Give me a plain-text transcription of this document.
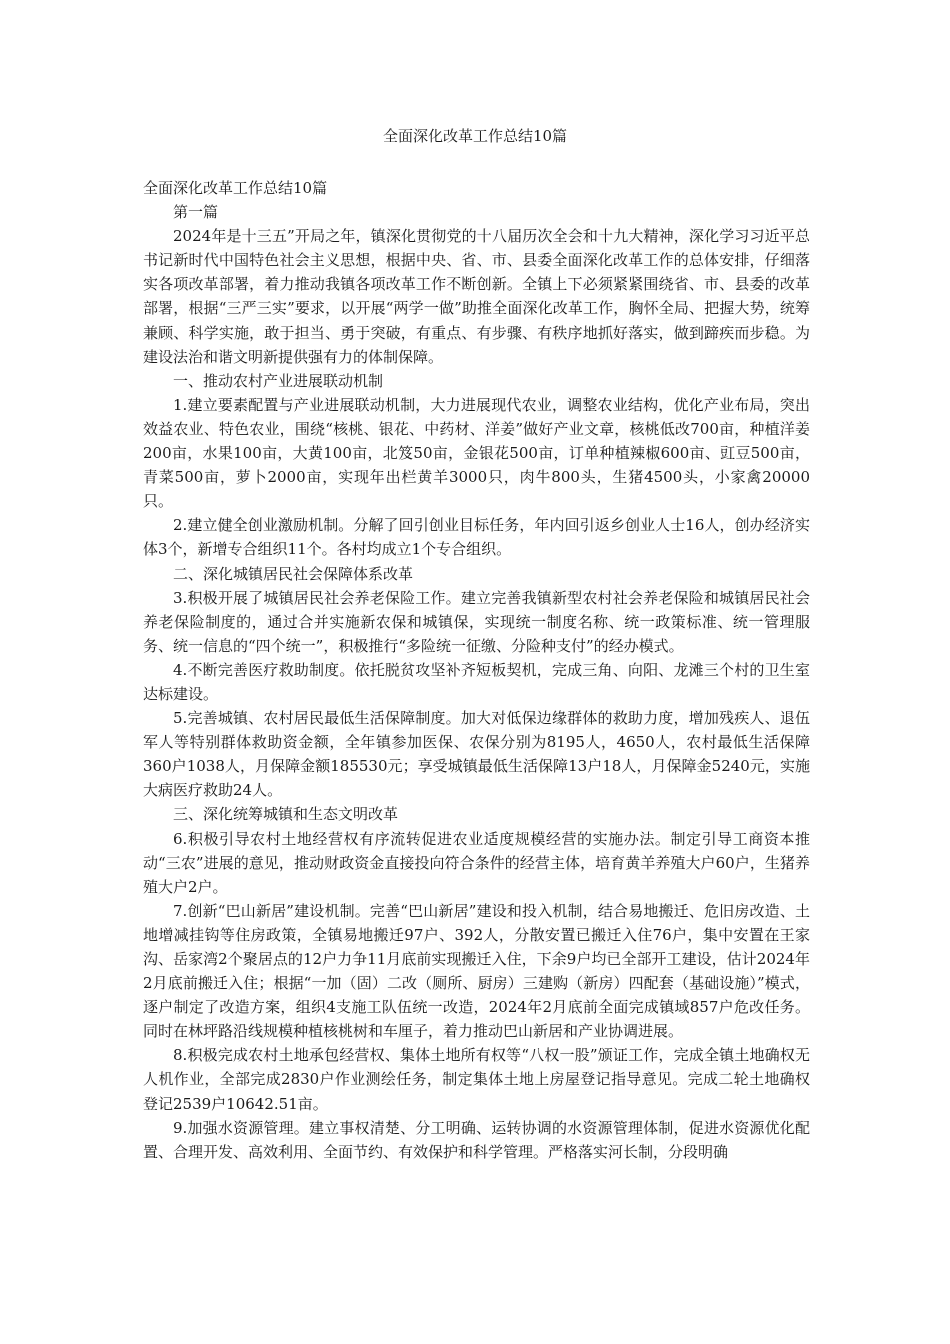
全面深化改革工作总结10篇

全面深化改革工作总结10篇

第一篇

2024年是十三五”开局之年，镇深化贯彻党的十八届历次全会和十九大精神，深化学习习近平总书记新时代中国特色社会主义思想，根据中央、省、市、县委全面深化改革工作的总体安排，仔细落实各项改革部署，着力推动我镇各项改革工作不断创新。全镇上下必须紧紧围绕省、市、县委的改革部署，根据“三严三实”要求，以开展“两学一做”助推全面深化改革工作，胸怀全局、把握大势，统筹兼顾、科学实施，敢于担当、勇于突破，有重点、有步骤、有秩序地抓好落实，做到蹄疾而步稳。为建设法治和谐文明新提供强有力的体制保障。

一、推动农村产业进展联动机制

1.建立要素配置与产业进展联动机制，大力进展现代农业，调整农业结构，优化产业布局，突出效益农业、特色农业，围绕“核桃、银花、中药材、洋姜”做好产业文章，核桃低改700亩，种植洋姜200亩，水果100亩，大黄100亩，北笈50亩，金银花500亩，订单种植辣椒600亩、豇豆500亩，青菜500亩，萝卜2000亩，实现年出栏黄羊3000只，肉牛800头，生猪4500头，小家禽20000只。

2.建立健全创业激励机制。分解了回引创业目标任务，年内回引返乡创业人士16人，创办经济实体3个，新增专合组织11个。各村均成立1个专合组织。

二、深化城镇居民社会保障体系改革

3.积极开展了城镇居民社会养老保险工作。建立完善我镇新型农村社会养老保险和城镇居民社会养老保险制度的，通过合并实施新农保和城镇保，实现统一制度名称、统一政策标准、统一管理服务、统一信息的“四个统一”，积极推行“多险统一征缴、分险种支付”的经办模式。

4.不断完善医疗救助制度。依托脱贫攻坚补齐短板契机，完成三角、向阳、龙滩三个村的卫生室达标建设。

5.完善城镇、农村居民最低生活保障制度。加大对低保边缘群体的救助力度，增加残疾人、退伍军人等特别群体救助资金额，全年镇参加医保、农保分别为8195人，4650人，农村最低生活保障360户1038人，月保障金额185530元；享受城镇最低生活保障13户18人，月保障金5240元，实施大病医疗救助24人。

三、深化统筹城镇和生态文明改革

6.积极引导农村土地经营权有序流转促进农业适度规模经营的实施办法。制定引导工商资本推动“三农”进展的意见，推动财政资金直接投向符合条件的经营主体，培育黄羊养殖大户60户，生猪养殖大户2户。

7.创新“巴山新居”建设机制。完善“巴山新居”建设和投入机制，结合易地搬迁、危旧房改造、土地增减挂钩等住房政策，全镇易地搬迁97户、392人，分散安置已搬迁入住76户，集中安置在王家沟、岳家湾2个聚居点的12户力争11月底前实现搬迁入住，下余9户均已全部开工建设，估计2024年2月底前搬迁入住；根据“一加（固）二改（厕所、厨房）三建购（新房）四配套（基础设施）”模式，逐户制定了改造方案，组织4支施工队伍统一改造，2024年2月底前全面完成镇域857户危改任务。同时在林坪路沿线规模种植核桃树和车厘子，着力推动巴山新居和产业协调进展。

8.积极完成农村土地承包经营权、集体土地所有权等“八权一股”颁证工作，完成全镇土地确权无人机作业，全部完成2830户作业测绘任务，制定集体土地上房屋登记指导意见。完成二轮土地确权登记2539户10642.51亩。

9.加强水资源管理。建立事权清楚、分工明确、运转协调的水资源管理体制，促进水资源优化配置、合理开发、高效利用、全面节约、有效保护和科学管理。严格落实河长制，分段明确
